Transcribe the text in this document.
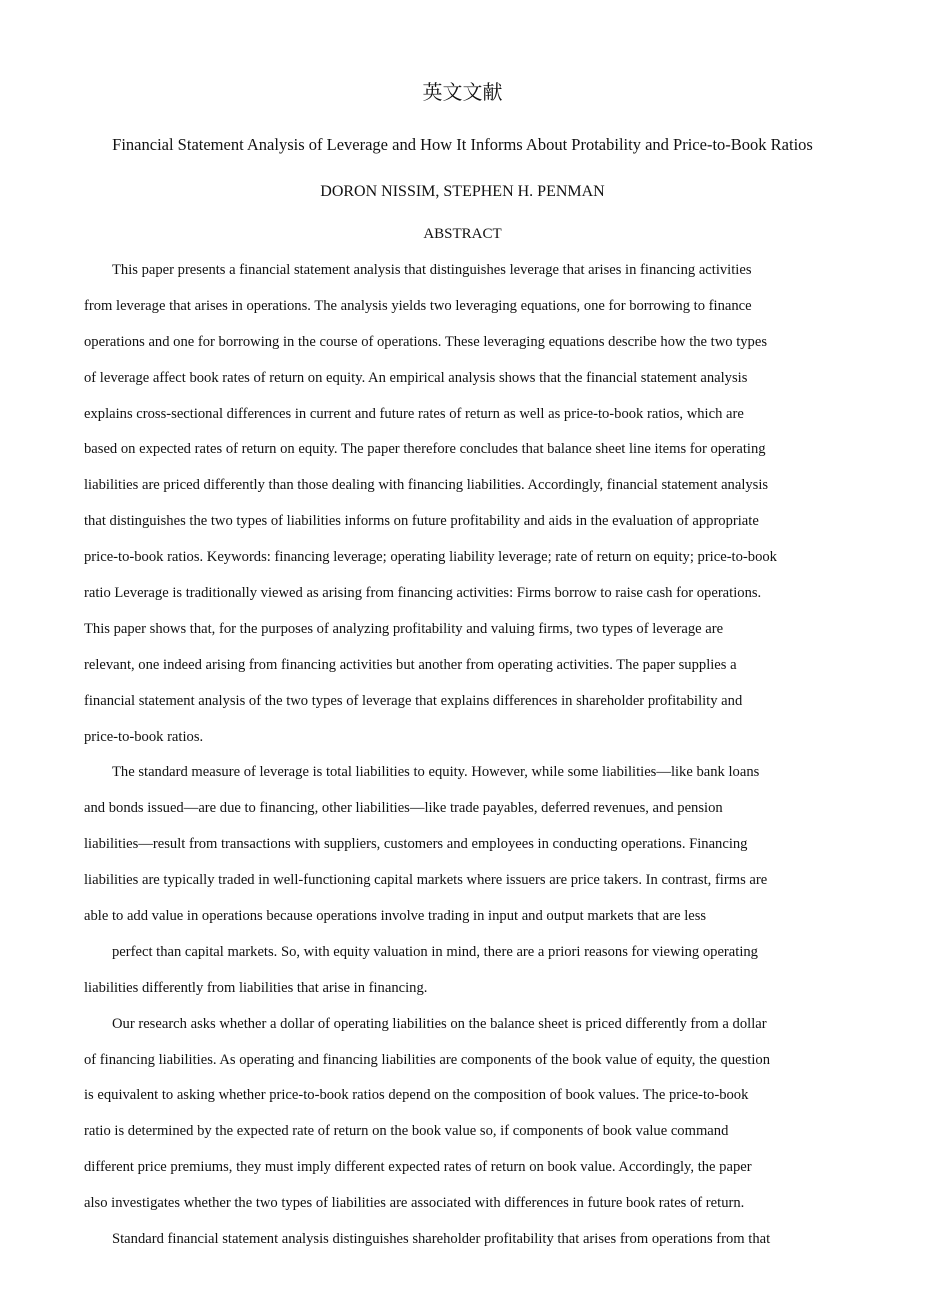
英文文献
Financial Statement Analysis of Leverage and How It Informs About Protability and Price-to-Book Ratios
DORON NISSIM, STEPHEN H. PENMAN
ABSTRACT
This paper presents a financial statement analysis that distinguishes leverage that arises in financing activities
from leverage that arises in operations. The analysis yields two leveraging equations, one for borrowing to finance
operations and one for borrowing in the course of operations. These leveraging equations describe how the two types
of leverage affect book rates of return on equity. An empirical analysis shows that the financial statement analysis
explains cross-sectional differences in current and future rates of return as well as price-to-book ratios, which are
based on expected rates of return on equity. The paper therefore concludes that balance sheet line items for operating
liabilities are priced differently than those dealing with financing liabilities. Accordingly, financial statement analysis
that distinguishes the two types of liabilities informs on future profitability and aids in the evaluation of appropriate
price-to-book ratios. Keywords: financing leverage; operating liability leverage; rate of return on equity; price-to-book
ratio Leverage is traditionally viewed as arising from financing activities: Firms borrow to raise cash for operations.
This paper shows that, for the purposes of analyzing profitability and valuing firms, two types of leverage are
relevant, one indeed arising from financing activities but another from operating activities. The paper supplies a
financial statement analysis of the two types of leverage that explains differences in shareholder profitability and
price-to-book ratios.
The standard measure of leverage is total liabilities to equity. However, while some liabilities—like bank loans
and bonds issued—are due to financing, other liabilities—like trade payables, deferred revenues, and pension
liabilities—result from transactions with suppliers, customers and employees in conducting operations. Financing
liabilities are typically traded in well-functioning capital markets where issuers are price takers. In contrast, firms are
able to add value in operations because operations involve trading in input and output markets that are less
perfect than capital markets. So, with equity valuation in mind, there are a priori reasons for viewing operating
liabilities differently from liabilities that arise in financing.
Our research asks whether a dollar of operating liabilities on the balance sheet is priced differently from a dollar
of financing liabilities. As operating and financing liabilities are components of the book value of equity, the question
is equivalent to asking whether price-to-book ratios depend on the composition of book values. The price-to-book
ratio is determined by the expected rate of return on the book value so, if components of book value command
different price premiums, they must imply different expected rates of return on book value. Accordingly, the paper
also investigates whether the two types of liabilities are associated with differences in future book rates of return.
Standard financial statement analysis distinguishes shareholder profitability that arises from operations from that
